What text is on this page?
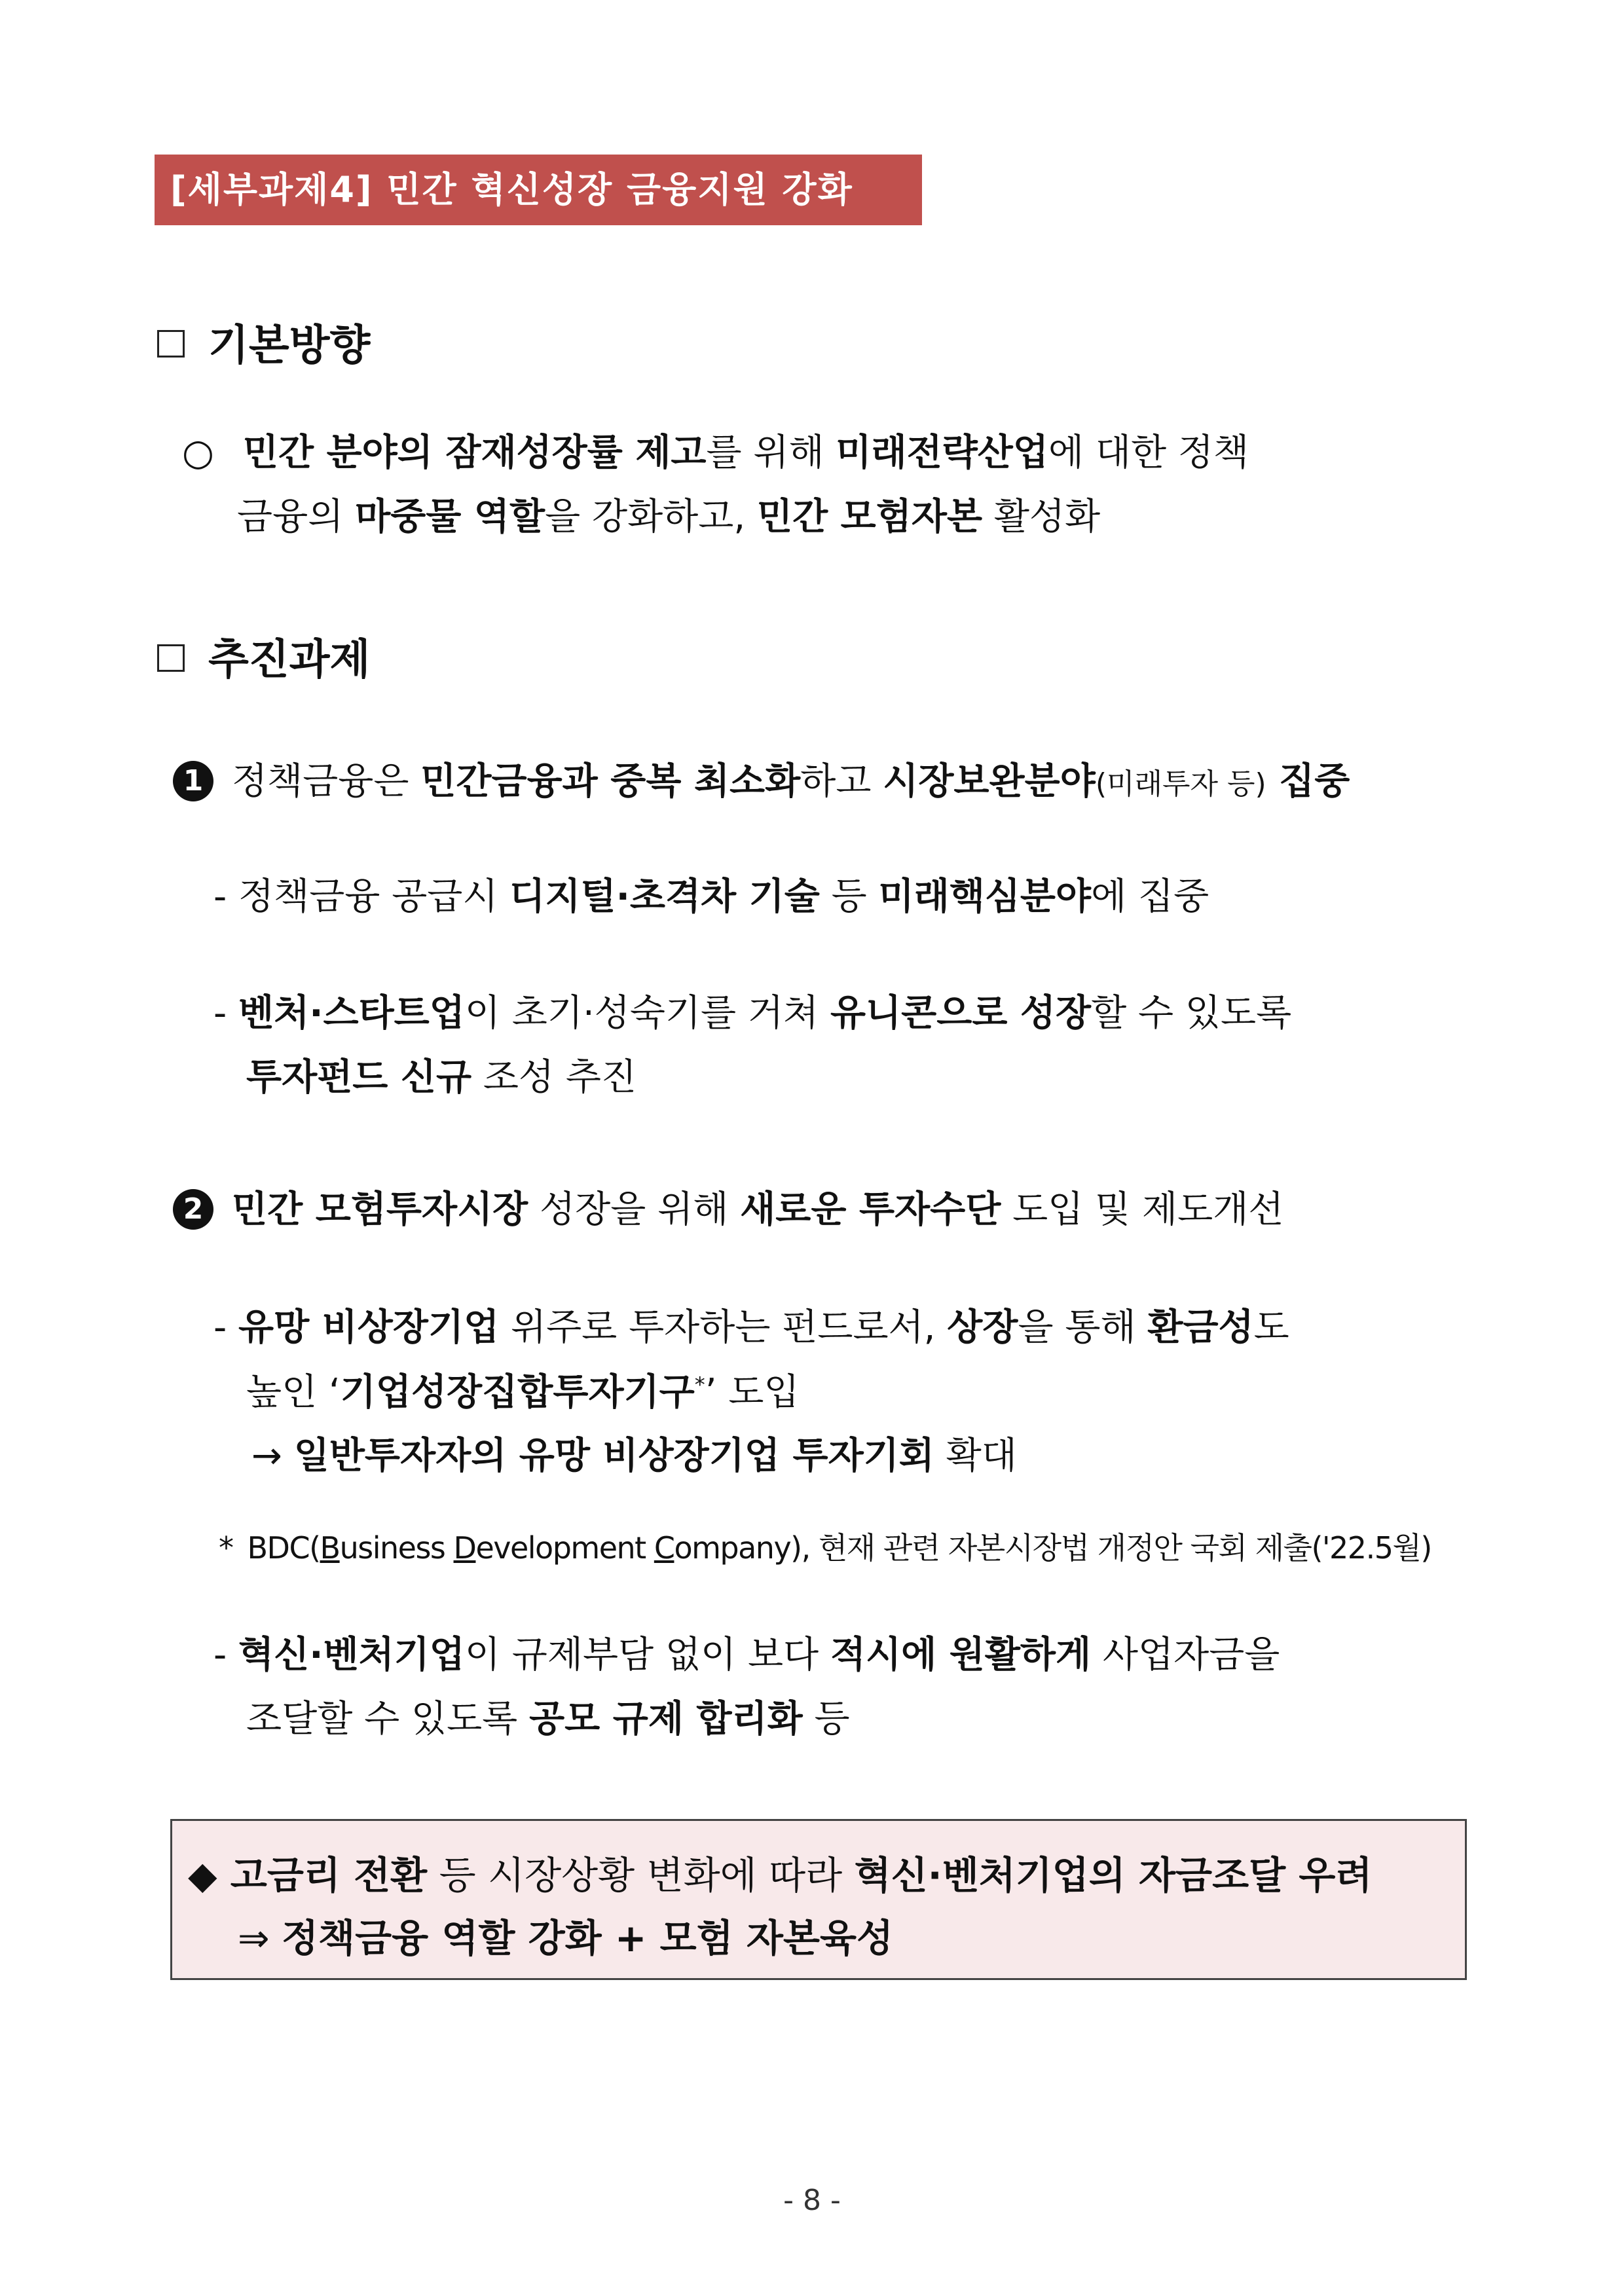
[세부과제4] 민간 혁신성장 금융지원 강화
기본방향
○ 민간 분야의 잠재성장률 제고를 위해 미래전략산업에 대한 정책
금융의 마중물 역할을 강화하고, 민간 모험자본 활성화
추진과제
1 정책금융은 민간금융과 중복 최소화하고 시장보완분야(미래투자 등) 집중
- 정책금융 공급시 디지털·초격차 기술 등 미래핵심분야에 집중
- 벤처·스타트업이 초기·성숙기를 거쳐 유니콘으로 성장할 수 있도록
투자펀드 신규 조성 추진
2 민간 모험투자시장 성장을 위해 새로운 투자수단 도입 및 제도개선
- 유망 비상장기업 위주로 투자하는 펀드로서, 상장을 통해 환금성도
높인 ‘기업성장집합투자기구*’ 도입
→ 일반투자자의 유망 비상장기업 투자기회 확대
* BDC(Business Development Company), 현재 관련 자본시장법 개정안 국회 제출('22.5월)
- 혁신·벤처기업이 규제부담 없이 보다 적시에 원활하게 사업자금을
조달할 수 있도록 공모 규제 합리화 등
◆ 고금리 전환 등 시장상황 변화에 따라 혁신·벤처기업의 자금조달 우려
⇒ 정책금융 역할 강화 + 모험 자본육성
- 8 -
